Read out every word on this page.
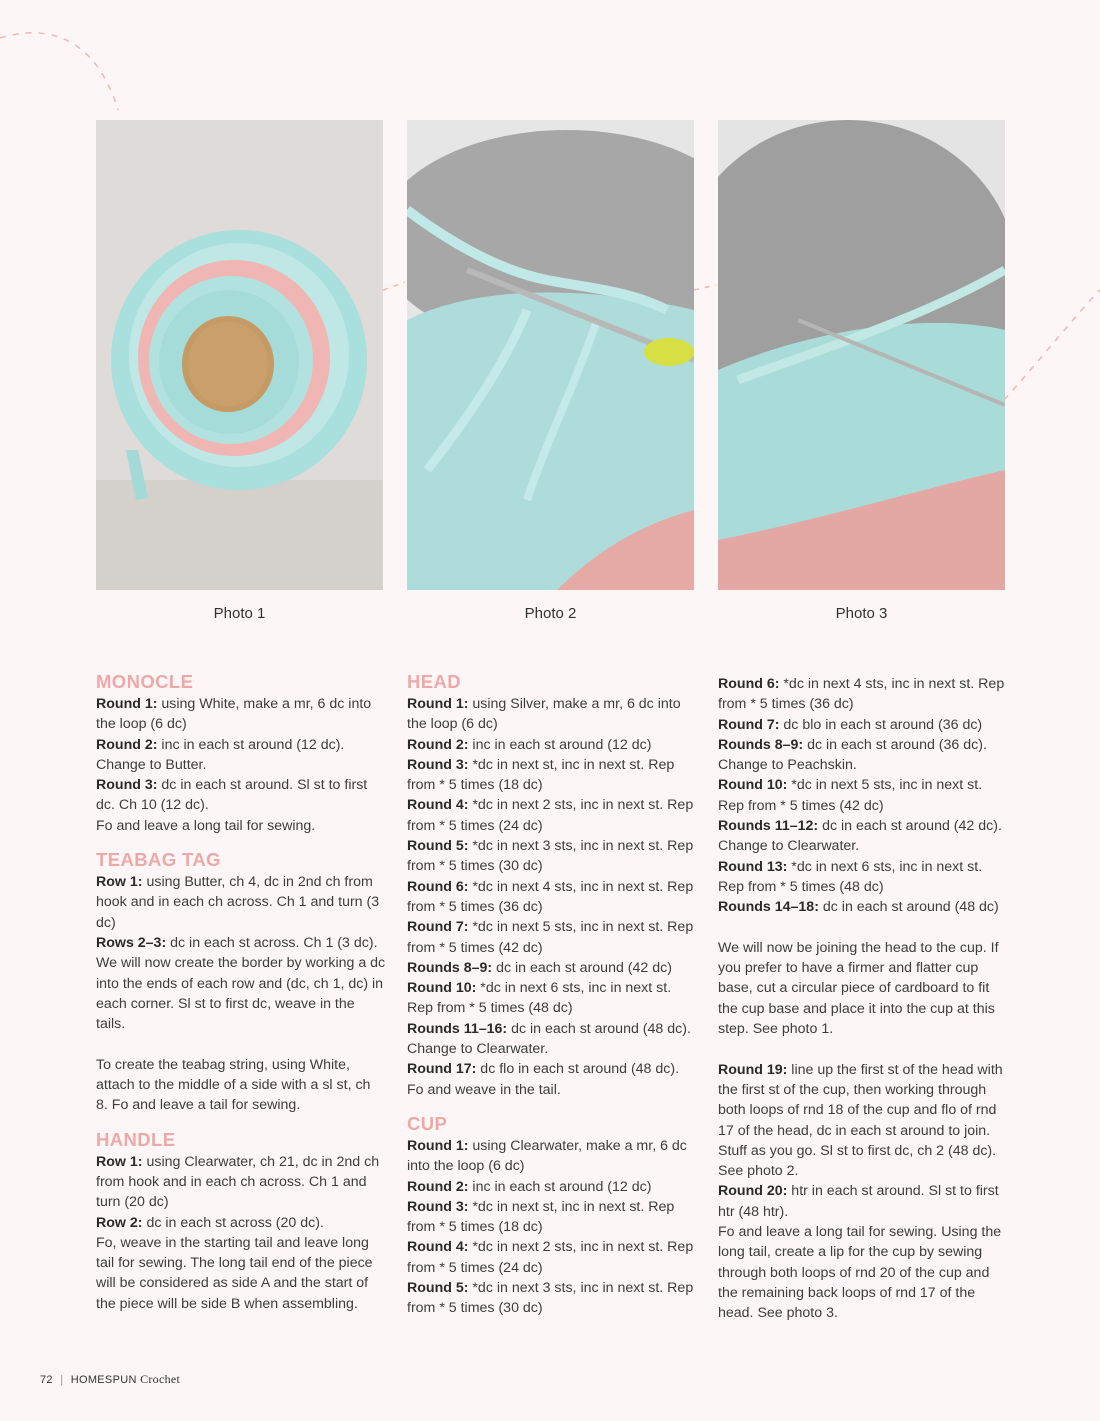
Photo 1	Photo 2	Photo 3
MONOCLE

Round 1: using White, make a mr, 6 dc into the loop (6 dc)

Round 2: inc in each st around (12 dc). Change to Butter.

Round 3: dc in each st around. Sl st to first dc. Ch 10 (12 dc).

Fo and leave a long tail for sewing.

TEABAG TAG

Row 1: using Butter, ch 4, dc in 2nd ch from hook and in each ch across. Ch 1 and turn (3 dc)

Rows 2–3: dc in each st across. Ch 1 (3 dc). We will now create the border by working a dc into the ends of each row and (dc, ch 1, dc) in each corner. Sl st to first dc, weave in the tails.

To create the teabag string, using White, attach to the middle of a side with a sl st, ch 8. Fo and leave a tail for sewing.

HANDLE

Row 1: using Clearwater, ch 21, dc in 2nd ch from hook and in each ch across. Ch 1 and turn (20 dc)

Row 2: dc in each st across (20 dc).

Fo, weave in the starting tail and leave long tail for sewing. The long tail end of the piece will be considered as side A and the start of the piece will be side B when assembling.

HEAD

Round 1: using Silver, make a mr, 6 dc into the loop (6 dc)

Round 2: inc in each st around (12 dc)

Round 3: *dc in next st, inc in next st. Rep from * 5 times (18 dc)

Round 4: *dc in next 2 sts, inc in next st. Rep from * 5 times (24 dc)

Round 5: *dc in next 3 sts, inc in next st. Rep from * 5 times (30 dc)

Round 6: *dc in next 4 sts, inc in next st. Rep from * 5 times (36 dc)

Round 7: *dc in next 5 sts, inc in next st. Rep from * 5 times (42 dc)

Rounds 8–9: dc in each st around (42 dc)

Round 10: *dc in next 6 sts, inc in next st. Rep from * 5 times (48 dc)

Rounds 11–16: dc in each st around (48 dc). Change to Clearwater.

Round 17: dc flo in each st around (48 dc). Fo and weave in the tail.

CUP

Round 1: using Clearwater, make a mr, 6 dc into the loop (6 dc)

Round 2: inc in each st around (12 dc)

Round 3: *dc in next st, inc in next st. Rep from * 5 times (18 dc)

Round 4: *dc in next 2 sts, inc in next st. Rep from * 5 times (24 dc)

Round 5: *dc in next 3 sts, inc in next st. Rep from * 5 times (30 dc)

Round 6: *dc in next 4 sts, inc in next st. Rep from * 5 times (36 dc)

Round 7: dc blo in each st around (36 dc)

Rounds 8–9: dc in each st around (36 dc). Change to Peachskin.

Round 10: *dc in next 5 sts, inc in next st. Rep from * 5 times (42 dc)

Rounds 11–12: dc in each st around (42 dc). Change to Clearwater.

Round 13: *dc in next 6 sts, inc in next st. Rep from * 5 times (48 dc)

Rounds 14–18: dc in each st around (48 dc)

We will now be joining the head to the cup. If you prefer to have a firmer and flatter cup base, cut a circular piece of cardboard to fit the cup base and place it into the cup at this step. See photo 1.

Round 19: line up the first st of the head with the first st of the cup, then working through both loops of rnd 18 of the cup and flo of rnd 17 of the head, dc in each st around to join. Stuff as you go. Sl st to first dc, ch 2 (48 dc). See photo 2.

Round 20: htr in each st around. Sl st to first htr (48 htr).

Fo and leave a long tail for sewing. Using the long tail, create a lip for the cup by sewing through both loops of rnd 20 of the cup and the remaining back loops of rnd 17 of the head. See photo 3.

72 | HOMESPUN Crochet
